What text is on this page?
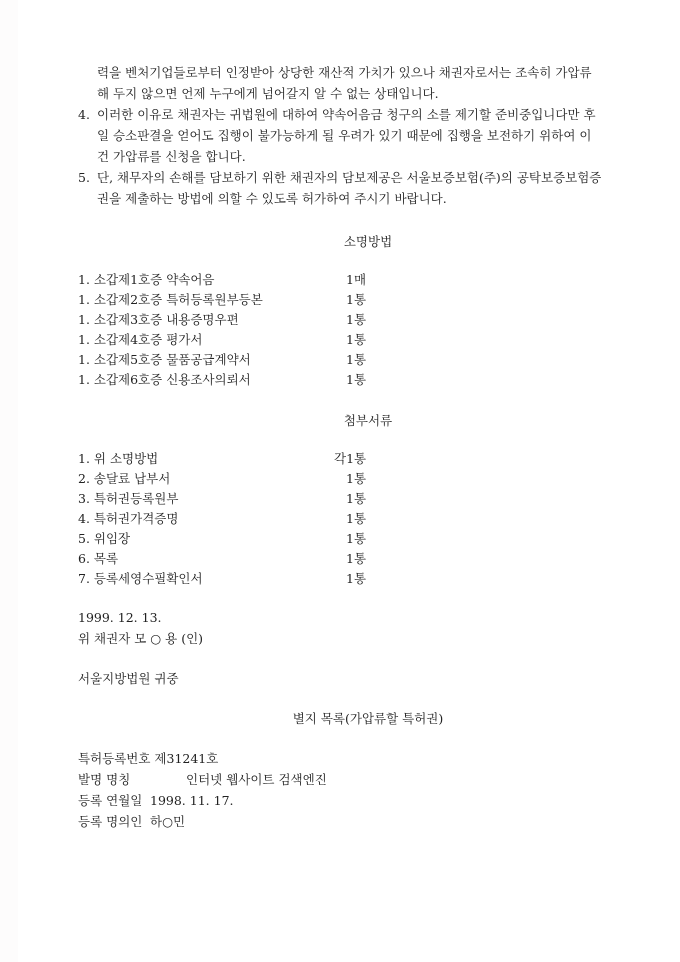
력을 벤처기업들로부터 인정받아 상당한 재산적 가치가 있으나 채권자로서는 조속히 가압류
해 두지 않으면 언제 누구에게 넘어갈지 알 수 없는 상태입니다.
4. 이러한 이유로 채권자는 귀법원에 대하여 약속어음금 청구의 소를 제기할 준비중입니다만 후
일 승소판결을 얻어도 집행이 불가능하게 될 우려가 있기 때문에 집행을 보전하기 위하여 이
건 가압류를 신청을 합니다.
5. 단, 채무자의 손해를 담보하기 위한 채권자의 담보제공은 서울보증보험(주)의 공탁보증보험증
권을 제출하는 방법에 의할 수 있도록 허가하여 주시기 바랍니다.
소명방법
1. 소갑제1호증 약속어음	1매
1. 소갑제2호증 특허등록원부등본	1통
1. 소갑제3호증 내용증명우편	1통
1. 소갑제4호증 평가서	1통
1. 소갑제5호증 물품공급계약서	1통
1. 소갑제6호증 신용조사의뢰서	1통
첨부서류
1. 위 소명방법	각1통
2. 송달료 납부서	1통
3. 특허권등록원부	1통
4. 특허권가격증명	1통
5. 위임장	1통
6. 목록	1통
7. 등록세영수필확인서	1통
1999. 12. 13.
위 채권자 모 ○ 용 (인)
서울지방법원 귀중
별지 목록(가압류할 특허권)
특허등록번호 제31241호
발명 명칭	인터넷 웹사이트 검색엔진
등록 연월일 1998. 11. 17.
등록 명의인 하○민
